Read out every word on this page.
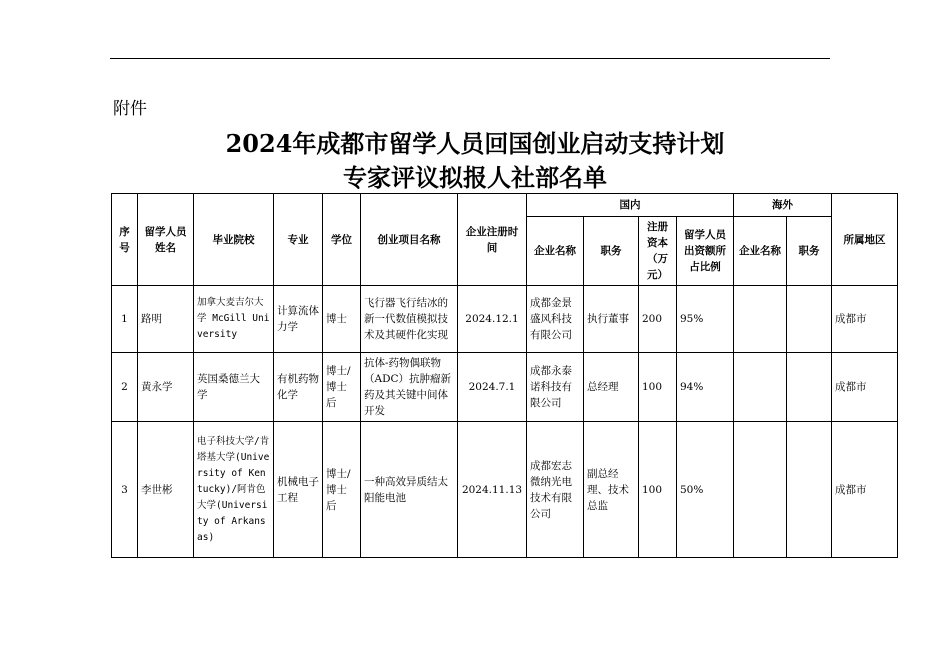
附件
2024年成都市留学人员回国创业启动支持计划
专家评议拟报人社部名单
序号	留学人员姓名	毕业院校	专业	学位	创业项目名称	企业注册时间	国内				海外		所属地区
							企业名称	职务	注册资本（万元）	留学人员出资额所占比例	企业名称	职务	
1	路明	加拿大麦吉尔大学 McGill University	计算流体力学	博士	飞行器飞行结冰的新一代数值模拟技术及其硬件化实现	2024.12.1	成都金景盛风科技有限公司	执行董事	200	95%			成都市
2	黄永学	英国桑德兰大学	有机药物化学	博士/博士后	抗体-药物偶联物（ADC）抗肿瘤新药及其关键中间体开发	2024.7.1	成都永泰诺科技有限公司	总经理	100	94%			成都市
3	李世彬	电子科技大学/肯塔基大学(University of Kentucky)/阿肯色大学(University of Arkansas)	机械电子工程	博士/博士后	一种高效异质结太阳能电池	2024.11.13	成都宏志微纳光电技术有限公司	副总经理、技术总监	100	50%			成都市
